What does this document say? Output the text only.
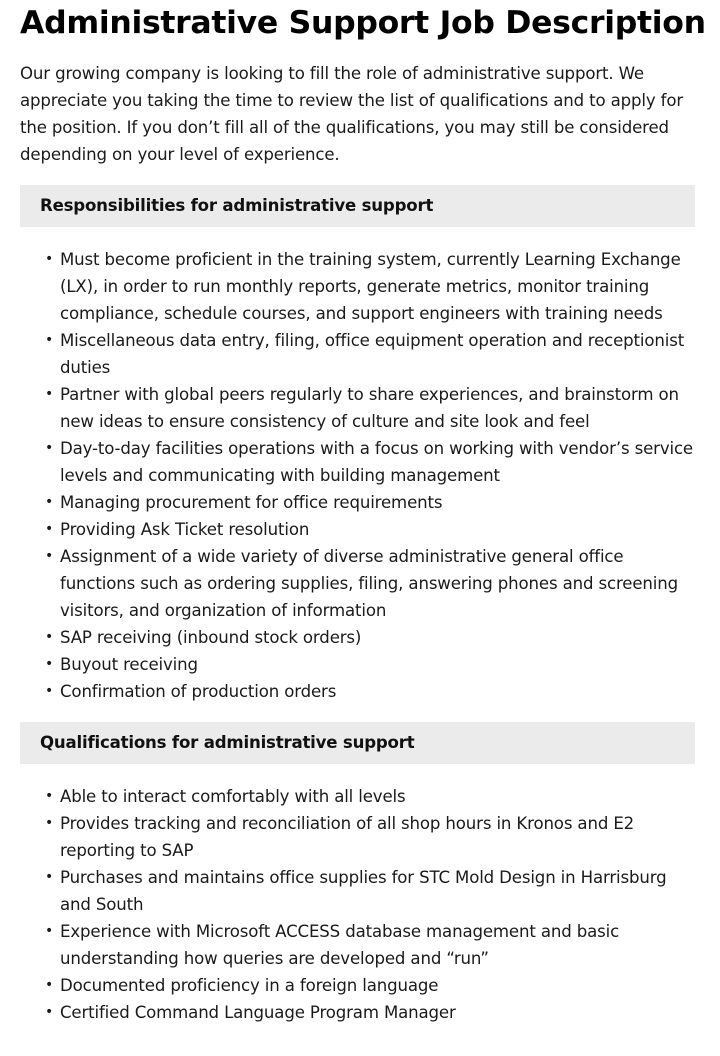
Administrative Support Job Description

Our growing company is looking to fill the role of administrative support. We appreciate you taking the time to review the list of qualifications and to apply for the position. If you don’t fill all of the qualifications, you may still be considered depending on your level of experience.

Responsibilities for administrative support
• Must become proficient in the training system, currently Learning Exchange (LX), in order to run monthly reports, generate metrics, monitor training compliance, schedule courses, and support engineers with training needs
• Miscellaneous data entry, filing, office equipment operation and receptionist duties
• Partner with global peers regularly to share experiences, and brainstorm on new ideas to ensure consistency of culture and site look and feel
• Day-to-day facilities operations with a focus on working with vendor’s service levels and communicating with building management
• Managing procurement for office requirements
• Providing Ask Ticket resolution
• Assignment of a wide variety of diverse administrative general office functions such as ordering supplies, filing, answering phones and screening visitors, and organization of information
• SAP receiving (inbound stock orders)
• Buyout receiving
• Confirmation of production orders
Qualifications for administrative support
• Able to interact comfortably with all levels
• Provides tracking and reconciliation of all shop hours in Kronos and E2 reporting to SAP
• Purchases and maintains office supplies for STC Mold Design in Harrisburg and South
• Experience with Microsoft ACCESS database management and basic understanding how queries are developed and “run”
• Documented proficiency in a foreign language
• Certified Command Language Program Manager
